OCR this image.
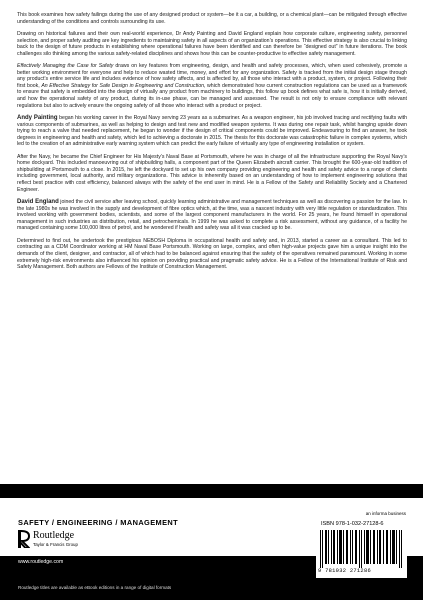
This book examines how safety failings during the use of any designed product or system—be it a car, a building, or a chemical plant—can be mitigated through effective understanding of the conditions and controls surrounding its use.

Drawing on historical failures and their own real-world experience, Dr Andy Painting and David England explain how corporate culture, engineering safety, personnel selection, and proper safety auditing are key ingredients to maintaining safety in all aspects of an organization’s operations. This effective strategy is also crucial to linking back to the design of future products in establishing where operational failures have been identified and can therefore be “designed out” in future iterations. The book challenges silo thinking among the various safety-related disciplines and shows how this can be counter-productive to effective safety management.

Effectively Managing the Case for Safety draws on key features from engineering, design, and health and safety processes, which, when used cohesively, promote a better working environment for everyone and help to reduce wasted time, money, and effort for any organization. Safety is tracked from the initial design stage through any product’s entire service life and includes evidence of how safety affects, and is affected by, all those who interact with a product, system, or project. Following their first book, An Effective Strategy for Safe Design in Engineering and Construction, which demonstrated how current construction regulations can be used as a framework to ensure that safety is embedded into the design of virtually any product from machinery to buildings, this follow up book defines what safe is, how it is initially derived, and how the operational safety of any product, during its in-use phase, can be managed and assessed. The result is not only to ensure compliance with relevant regulations but also to actively ensure the ongoing safety of all those who interact with a product or project.

Andy Painting began his working career in the Royal Navy serving 23 years as a submariner. As a weapon engineer, his job involved tracing and rectifying faults with various components of submarines, as well as helping to design and test new and modified weapon systems. It was during one repair task, whilst hanging upside down trying to reach a valve that needed replacement, he began to wonder if the design of critical components could be improved. Endeavouring to find an answer, he took degrees in engineering and health and safety, which led to achieving a doctorate in 2015. The thesis for this doctorate was catastrophic failure in complex systems, which led to the creation of an administrative early warning system which can predict the early failure of virtually any type of engineering installation or system.

After the Navy, he became the Chief Engineer for His Majesty’s Naval Base at Portsmouth, where he was in charge of all the infrastructure supporting the Royal Navy’s home dockyard. This included manoeuvring out of shipbuilding halls, a component part of the Queen Elizabeth aircraft carrier. This brought the 600-year-old tradition of shipbuilding at Portsmouth to a close. In 2015, he left the dockyard to set up his own company providing engineering and health and safety advice to a range of clients including government, local authority, and military organizations. This advice is inherently based on an understanding of how to implement engineering solutions that reflect best practice with cost efficiency, balanced always with the safety of the end user in mind. He is a Fellow of the Safety and Reliability Society and a Chartered Engineer.

David England joined the civil service after leaving school, quickly learning administrative and management techniques as well as discovering a passion for the law. In the late 1980s he was involved in the supply and development of fibre optics which, at the time, was a nascent industry with very little regulation or standardization. This involved working with government bodies, scientists, and some of the largest component manufacturers in the world. For 25 years, he found himself in operational management in such industries as distribution, retail, and petrochemicals. In 1999 he was asked to complete a risk assessment, without any guidance, of a facility he managed containing some 100,000 litres of petrol, and he wondered if health and safety was all it was cracked up to be.

Determined to find out, he undertook the prestigious NEBOSH Diploma in occupational health and safety and, in 2013, started a career as a consultant. This led to contracting as a CDM Coordinator working at HM Naval Base Portsmouth. Working on large, complex, and often high-value projects gave him a unique insight into the demands of the client, designer, and contractor, all of which had to be balanced against ensuring that the safety of the operatives remained paramount. Working in some extremely high-risk environments also influenced his opinion on providing practical and pragmatic safety advice. He is a Fellow of the International Institute of Risk and Safety Management. Both authors are Fellows of the Institute of Construction Management.

SAFETY / ENGINEERING / MANAGEMENT
an informa business
Routledge
Taylor & Francis Group
www.routledge.com
Routledge titles are available as eBook editions in a range of digital formats
ISBN 978-1-032-27128-6
9 781032 271286
